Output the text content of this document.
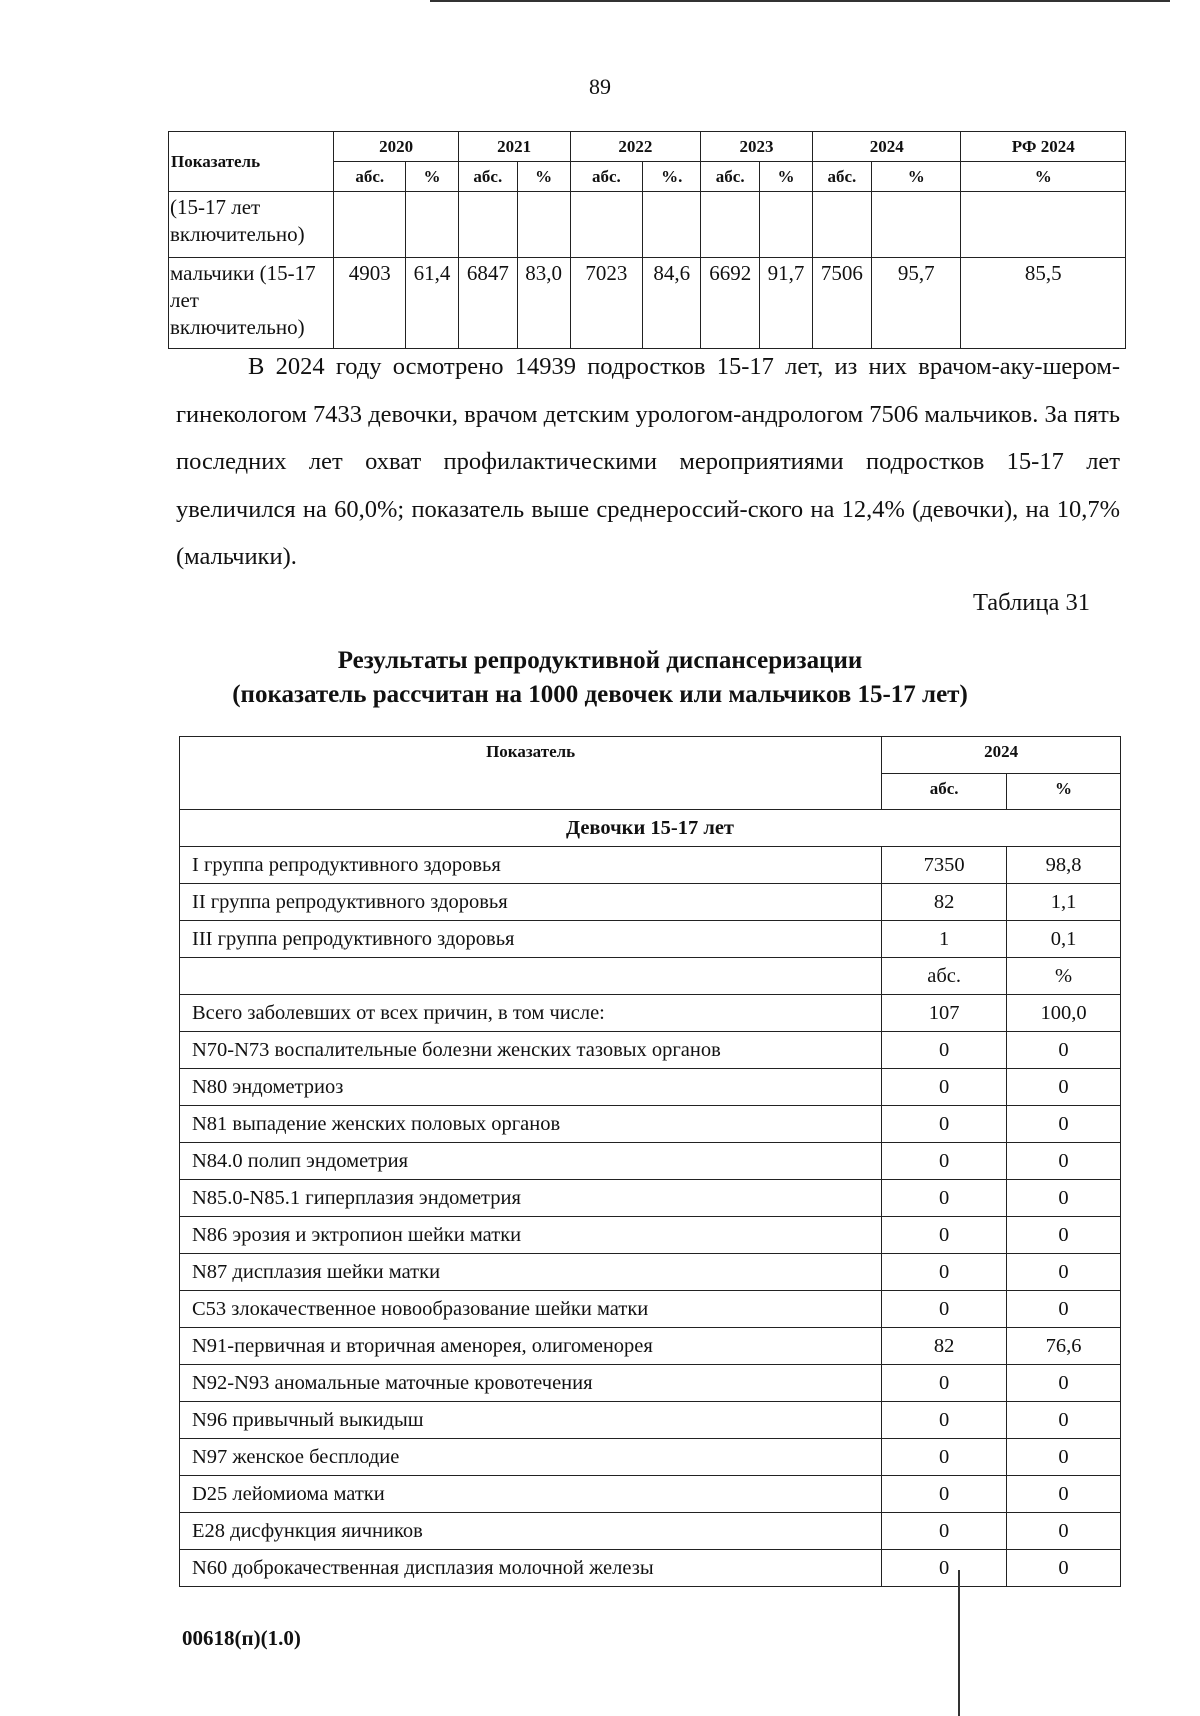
89
Показатель	2020		2021		2022		2023		2024		РФ 2024
	абс.	%	абс.	%	абс.	%.	абс.	%	абс.	%	%
(15-17 лет включительно)											
мальчики (15-17 лет включительно)	4903	61,4	6847	83,0	7023	84,6	6692	91,7	7506	95,7	85,5

В 2024 году осмотрено 14939 подростков 15-17 лет, из них врачом-аку-шером-гинекологом 7433 девочки, врачом детским урологом-андрологом 7506 мальчиков. За пять последних лет охват профилактическими мероприятиями подростков 15-17 лет увеличился на 60,0%; показатель выше среднероссий-ского на 12,4% (девочки), на 10,7% (мальчики).

Таблица 31
Результаты репродуктивной диспансеризации
(показатель рассчитан на 1000 девочек или мальчиков 15-17 лет)
Показатель	2024	
	абс.	%
Девочки 15-17 лет		
I группа репродуктивного здоровья	7350	98,8
II группа репродуктивного здоровья	82	1,1
III группа репродуктивного здоровья	1	0,1
	абс.	%
Всего заболевших от всех причин, в том числе:	107	100,0
N70-N73 воспалительные болезни женских тазовых органов	0	0
N80 эндометриоз	0	0
N81 выпадение женских половых органов	0	0
N84.0 полип эндометрия	0	0
N85.0-N85.1 гиперплазия эндометрия	0	0
N86 эрозия и эктропион шейки матки	0	0
N87 дисплазия шейки матки	0	0
C53 злокачественное новообразование шейки матки	0	0
N91-первичная и вторичная аменорея, олигоменорея	82	76,6
N92-N93 аномальные маточные кровотечения	0	0
N96 привычный выкидыш	0	0
N97 женское бесплодие	0	0
D25 лейомиома матки	0	0
E28 дисфункция яичников	0	0
N60 доброкачественная дисплазия молочной железы	0	0
00618(п)(1.0)
